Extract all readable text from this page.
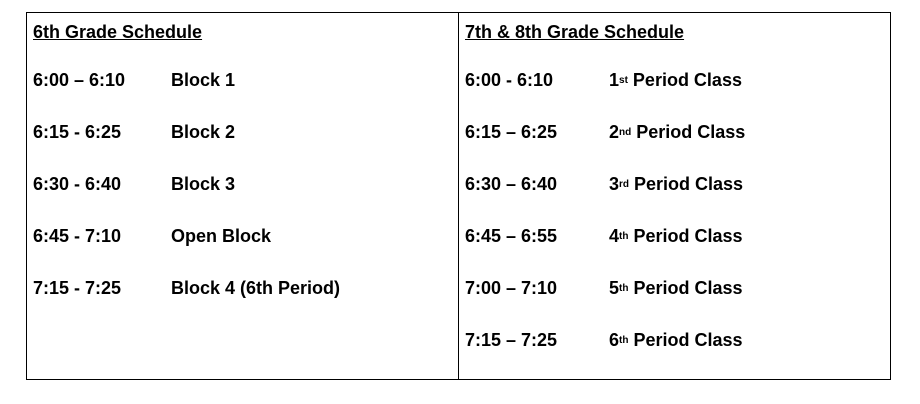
6th Grade Schedule
6:00 – 6:10	Block 1
6:15 - 6:25	Block 2
6:30 - 6:40	Block 3
6:45 - 7:10	Open Block
7:15 - 7:25	Block 4 (6th Period)
7th & 8th Grade Schedule
6:00 - 6:10	1st Period Class
6:15 – 6:25	2nd Period Class
6:30 – 6:40	3rd Period Class
6:45 – 6:55	4th Period Class
7:00 – 7:10	5th Period Class
7:15 – 7:25	6th Period Class
